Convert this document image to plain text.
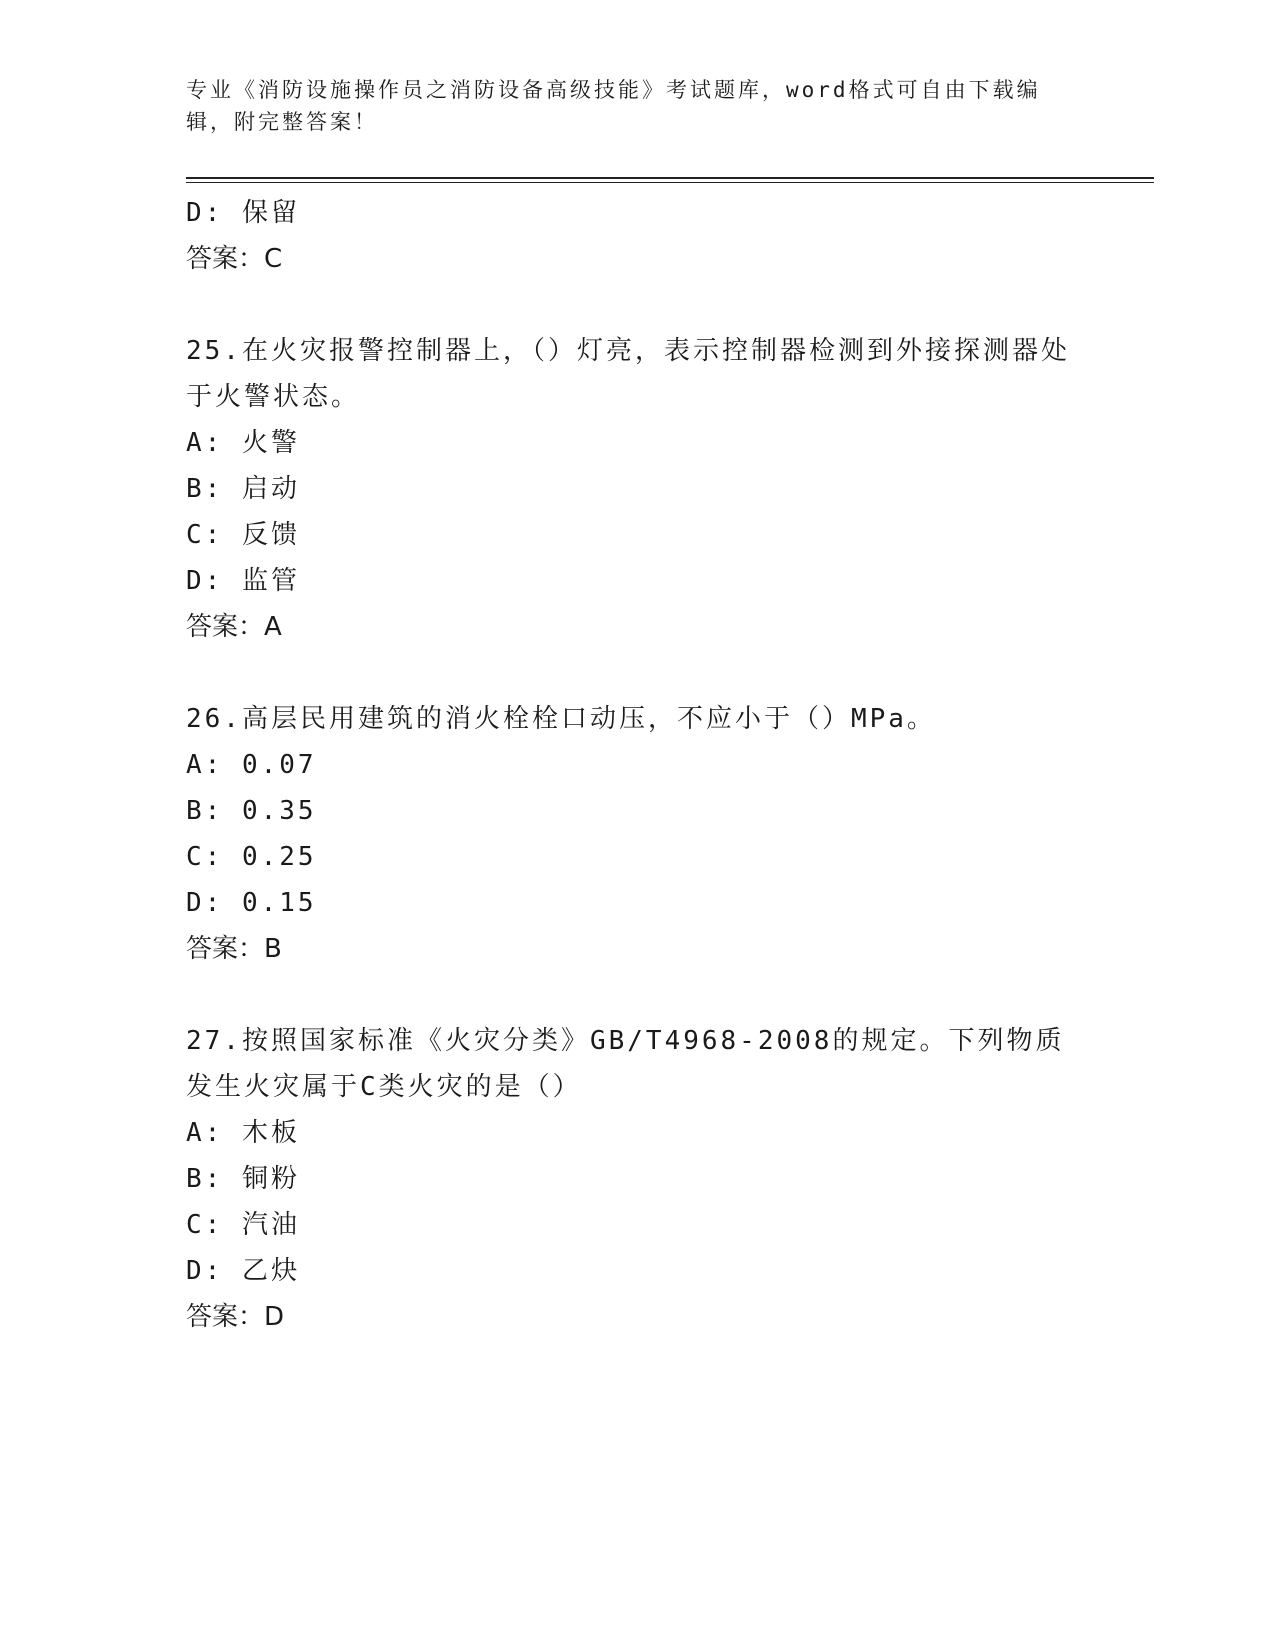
专业《消防设施操作员之消防设备高级技能》考试题库，word格式可自由下载编辑，附完整答案！
D: 保留
答案：C
25.在火灾报警控制器上，（）灯亮，表示控制器检测到外接探测器处于火警状态。
A: 火警
B: 启动
C: 反馈
D: 监管
答案：A
26.高层民用建筑的消火栓栓口动压，不应小于（）MPa。
A: 0.07
B: 0.35
C: 0.25
D: 0.15
答案：B
27.按照国家标准《火灾分类》GB/T4968-2008的规定。下列物质发生火灾属于C类火灾的是（）
A: 木板
B: 铜粉
C: 汽油
D: 乙炔
答案：D
